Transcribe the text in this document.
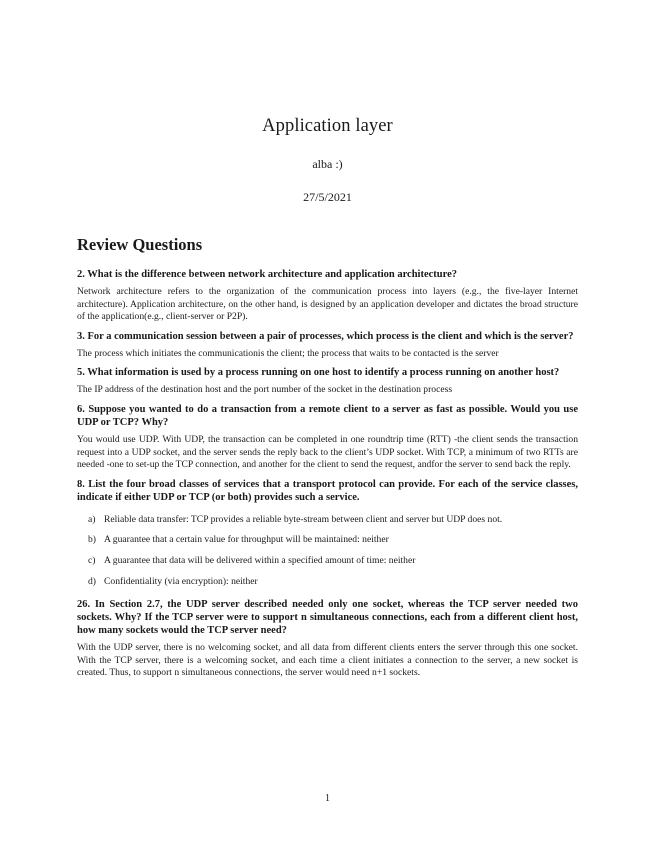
Application layer
alba :)
27/5/2021
Review Questions

2. What is the difference between network architecture and application architecture?

Network architecture refers to the organization of the communication process into layers (e.g., the five-layer Internet architecture). Application architecture, on the other hand, is designed by an application developer and dictates the broad structure of the application(e.g., client-server or P2P).

3. For a communication session between a pair of processes, which process is the client and which is the server?

The process which initiates the communicationis the client; the process that waits to be contacted is the server

5. What information is used by a process running on one host to identify a process running on another host?

The IP address of the destination host and the port number of the socket in the destination process

6. Suppose you wanted to do a transaction from a remote client to a server as fast as possible. Would you use UDP or TCP? Why?

You would use UDP. With UDP, the transaction can be completed in one roundtrip time (RTT) -the client sends the transaction request into a UDP socket, and the server sends the reply back to the client’s UDP socket. With TCP, a minimum of two RTTs are needed -one to set-up the TCP connection, and another for the client to send the request, andfor the server to send back the reply.

8. List the four broad classes of services that a transport protocol can provide. For each of the service classes, indicate if either UDP or TCP (or both) provides such a service.

a) Reliable data transfer: TCP provides a reliable byte-stream between client and server but UDP does not.
b) A guarantee that a certain value for throughput will be maintained: neither
c) A guarantee that data will be delivered within a specified amount of time: neither
d) Confidentiality (via encryption): neither

26. In Section 2.7, the UDP server described needed only one socket, whereas the TCP server needed two sockets. Why? If the TCP server were to support n simultaneous connections, each from a different client host, how many sockets would the TCP server need?

With the UDP server, there is no welcoming socket, and all data from different clients enters the server through this one socket. With the TCP server, there is a welcoming socket, and each time a client initiates a connection to the server, a new socket is created. Thus, to support n simultaneous connections, the server would need n+1 sockets.

1
